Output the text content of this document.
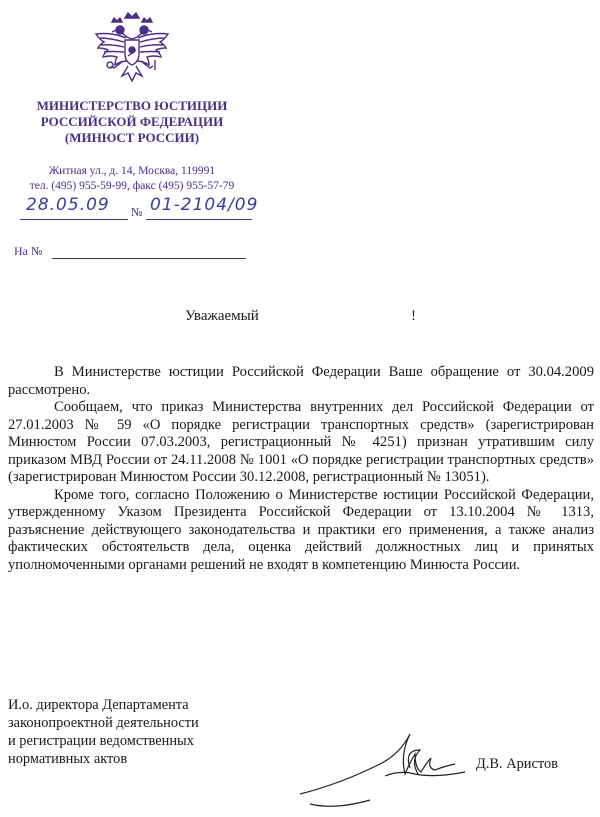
МИНИСТЕРСТВО ЮСТИЦИИ
РОССИЙСКОЙ ФЕДЕРАЦИИ
(МИНЮСТ РОССИИ)
Житная ул., д. 14, Москва, 119991
тел. (495) 955-59-99, факс (495) 955-57-79
28.05.09	№ 01-2104/09
На №
Уважаемый	!

В Министерстве юстиции Российской Федерации Ваше обращение от 30.04.2009 рассмотрено.

Сообщаем, что приказ Министерства внутренних дел Российской Федерации от 27.01.2003 № 59 «О порядке регистрации транспортных средств» (зарегистрирован Минюстом России 07.03.2003, регистрационный № 4251) признан утратившим силу приказом МВД России от 24.11.2008 № 1001 «О порядке регистрации транспортных средств» (зарегистрирован Минюстом России 30.12.2008, регистрационный № 13051).

Кроме того, согласно Положению о Министерстве юстиции Российской Федерации, утвержденному Указом Президента Российской Федерации от 13.10.2004 № 1313, разъяснение действующего законодательства и практики его применения, а также анализ фактических обстоятельств дела, оценка действий должностных лиц и принятых уполномоченными органами решений не входят в компетенцию Минюста России.

И.о. директора Департамента
законопроектной деятельности
и регистрации ведомственных
нормативных актов	Д.В. Аристов
